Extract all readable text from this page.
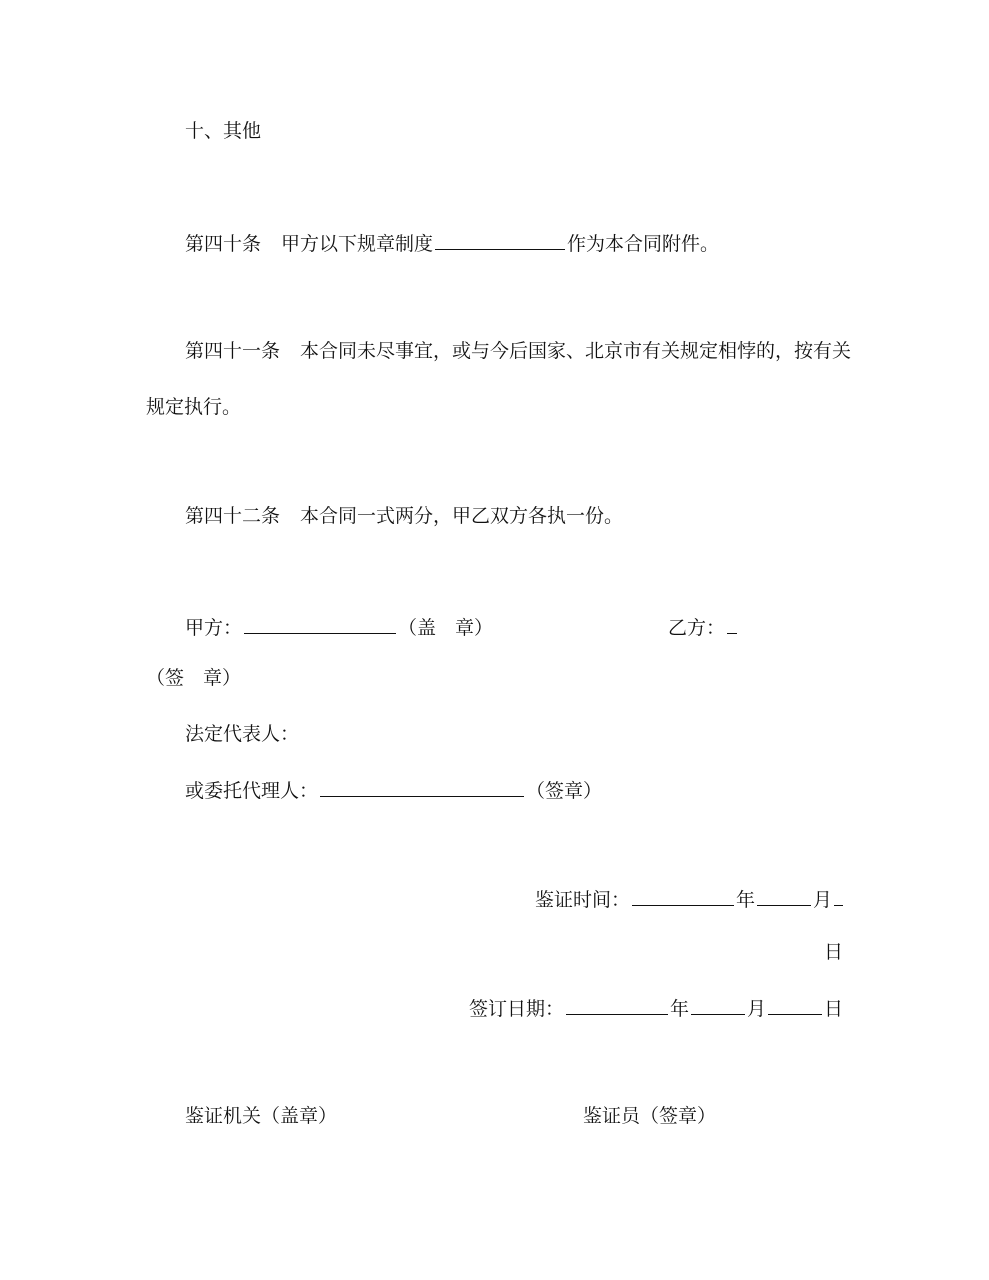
十、其他
第四十条 甲方以下规章制度	作为本合同附件。
第四十一条 本合同未尽事宜，或与今后国家、北京市有关规定相悖的，按有关
规定执行。
第四十二条 本合同一式两分，甲乙双方各执一份。
甲方：	（盖　章）	乙方：
（签　章）
法定代表人：
或委托代理人：	（签章）
鉴证时间：	年	月
日
签订日期：	年	月	日
鉴证机关（盖章）	鉴证员（签章）
